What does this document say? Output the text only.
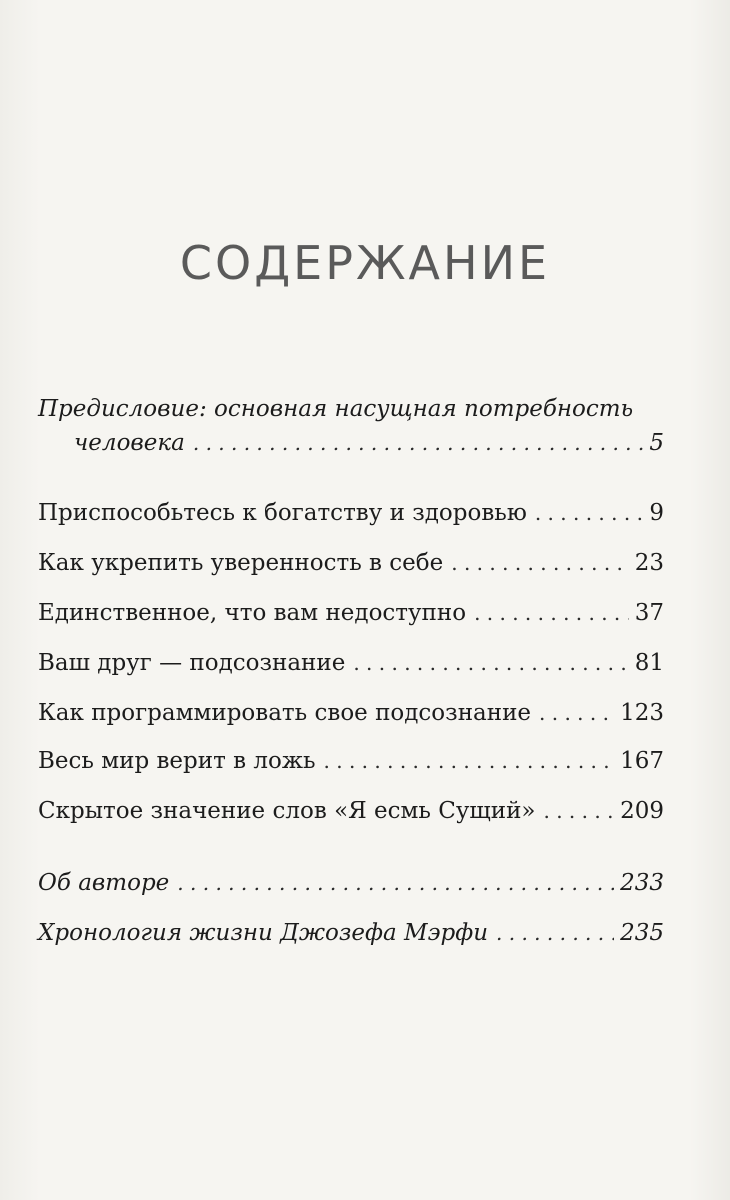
СОДЕРЖАНИЕ
Предисловие: основная насущная потребность
человека . . .	5
Приспособьтесь к богатству и здоровью . . .	9
Как укрепить уверенность в себе . . .	23
Единственное, что вам недоступно . . .	37
Ваш друг — подсознание . . .	81
Как программировать свое подсознание . . .	123
Весь мир верит в ложь . . .	167
Скрытое значение слов «Я есмь Сущий» . . .	209
Об авторе . . .	233
Хронология жизни Джозефа Мэрфи . . .	235
